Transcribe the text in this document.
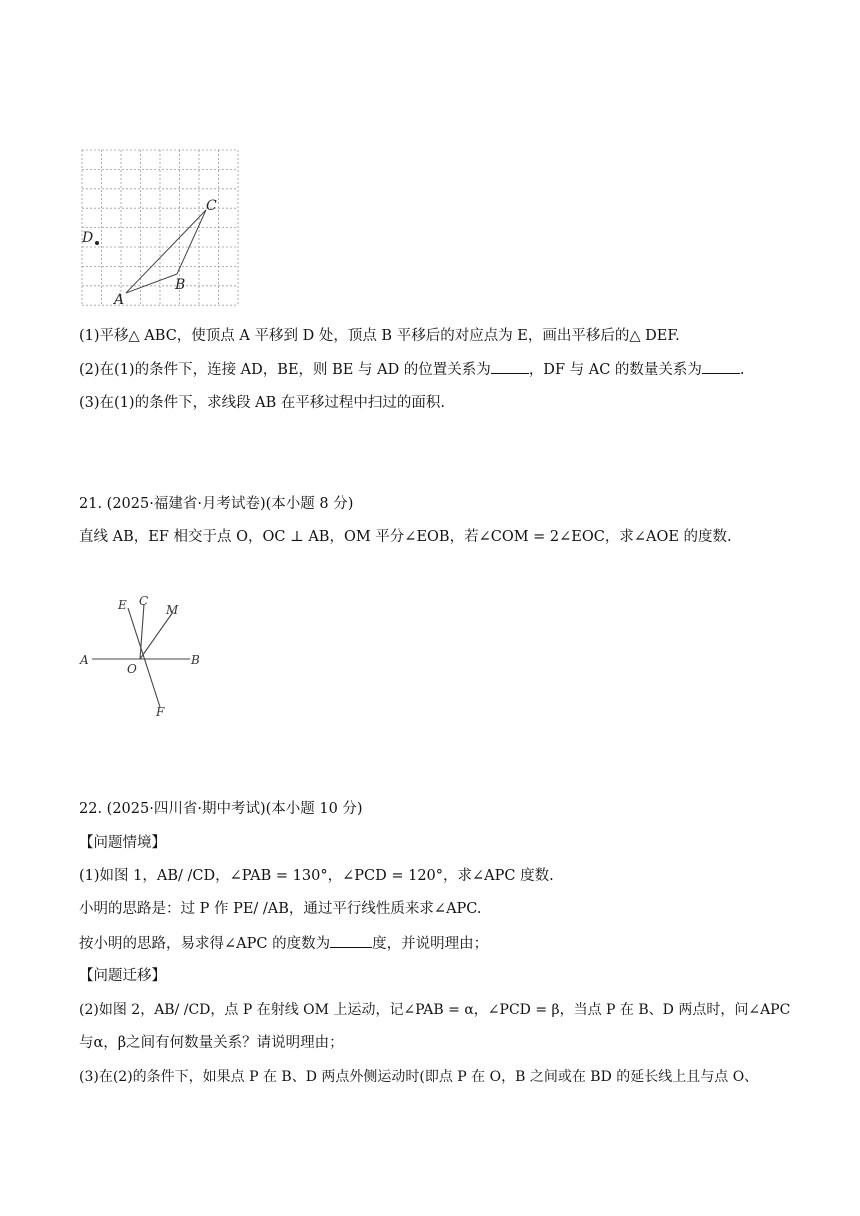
A
B
C
D
(1)平移△ ABC，使顶点 A 平移到 D 处，顶点 B 平移后的对应点为 E，画出平移后的△ DEF.
(2)在(1)的条件下，连接 AD，BE，则 BE 与 AD 的位置关系为	，DF 与 AC 的数量关系为	.
(3)在(1)的条件下，求线段 AB 在平移过程中扫过的面积.
21. (2025·福建省·月考试卷)(本小题 8 分)
直线 AB，EF 相交于点 O，OC ⊥ AB，OM 平分∠EOB，若∠COM = 2∠EOC，求∠AOE 的度数.
E C
M
A
O
B
F
22. (2025·四川省·期中考试)(本小题 10 分)
【问题情境】
(1)如图 1，AB/ /CD，∠PAB = 130°，∠PCD = 120°，求∠APC 度数.
小明的思路是：过 P 作 PE/ /AB，通过平行线性质来求∠APC.
按小明的思路，易求得∠APC 的度数为	度，并说明理由；
【问题迁移】
(2)如图 2，AB/ /CD，点 P 在射线 OM 上运动，记∠PAB = α，∠PCD = β，当点 P 在 B、D 两点时，问∠APC
与α，β之间有何数量关系？请说明理由；
(3)在(2)的条件下，如果点 P 在 B、D 两点外侧运动时(即点 P 在 O，B 之间或在 BD 的延长线上且与点 O、
